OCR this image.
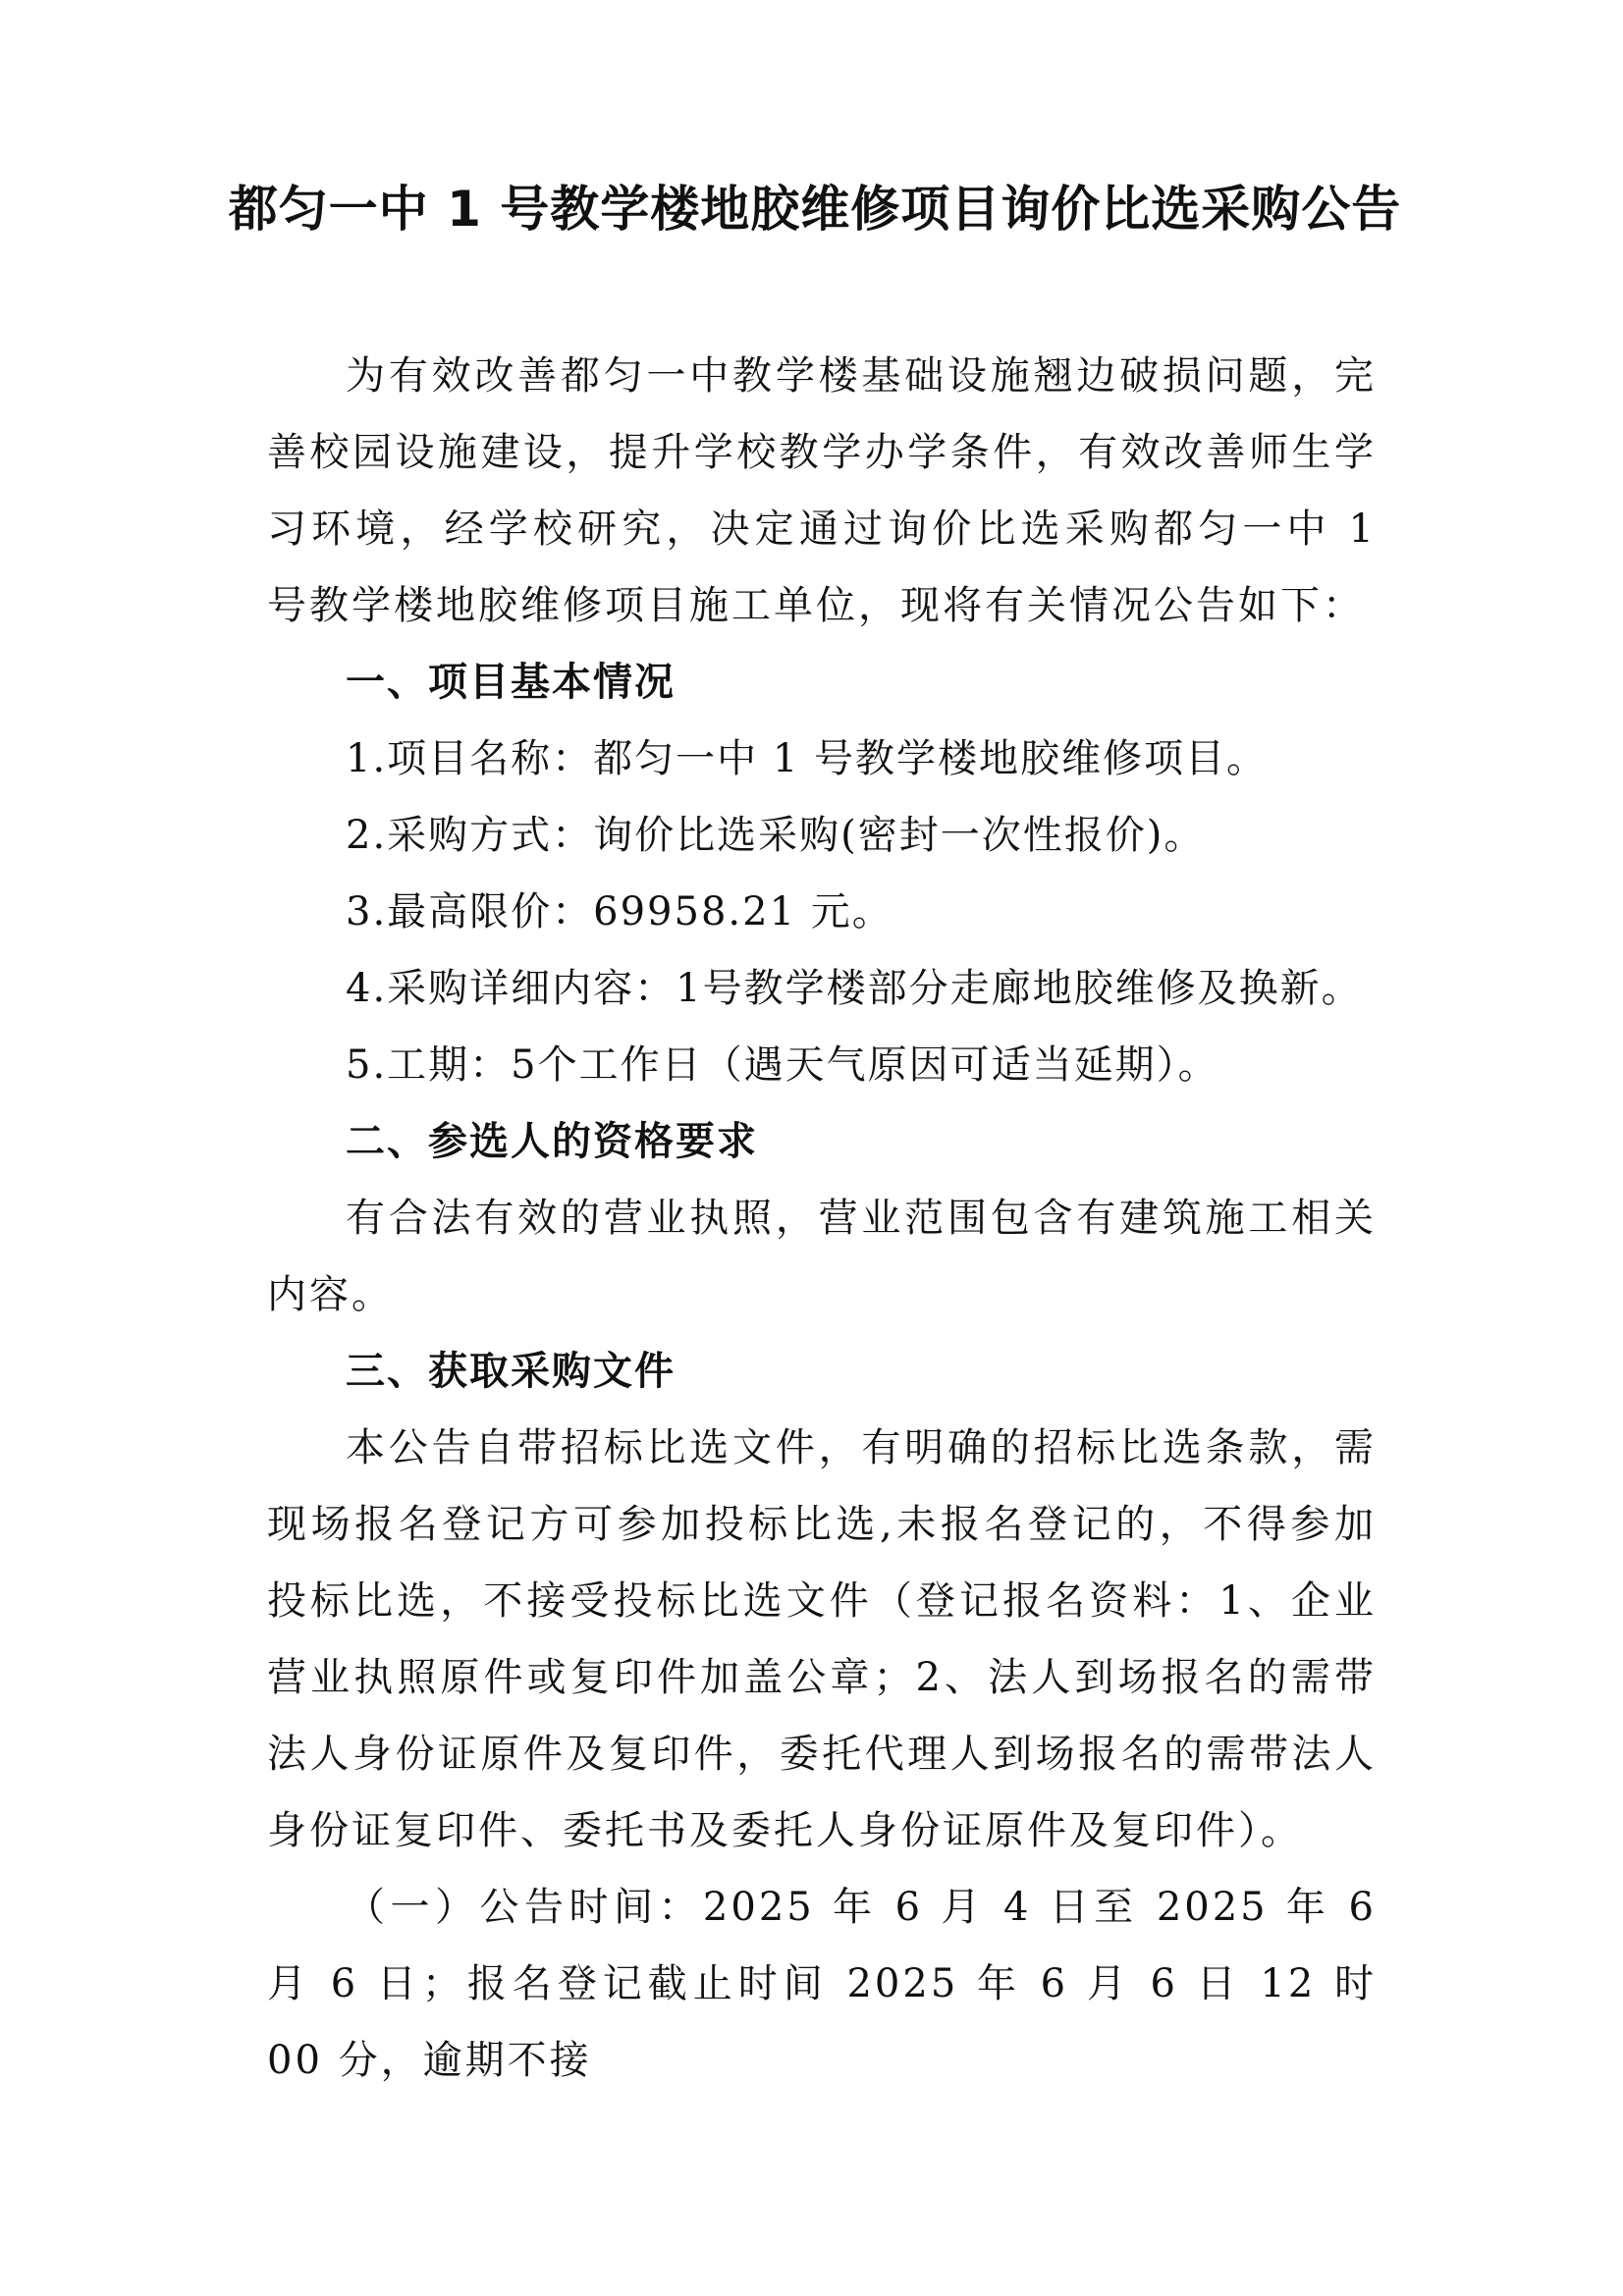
都匀一中 1 号教学楼地胶维修项目询价比选采购公告

为有效改善都匀一中教学楼基础设施翘边破损问题，完善校园设施建设，提升学校教学办学条件，有效改善师生学习环境，经学校研究，决定通过询价比选采购都匀一中 1 号教学楼地胶维修项目施工单位，现将有关情况公告如下：

一、项目基本情况

1.项目名称：都匀一中 1 号教学楼地胶维修项目。

2.采购方式：询价比选采购(密封一次性报价)。

3.最高限价：69958.21 元。

4.采购详细内容：1号教学楼部分走廊地胶维修及换新。

5.工期：5个工作日（遇天气原因可适当延期）。

二、参选人的资格要求

有合法有效的营业执照，营业范围包含有建筑施工相关内容。

三、获取采购文件

本公告自带招标比选文件，有明确的招标比选条款，需现场报名登记方可参加投标比选,未报名登记的，不得参加投标比选，不接受投标比选文件（登记报名资料：1、企业营业执照原件或复印件加盖公章；2、法人到场报名的需带法人身份证原件及复印件，委托代理人到场报名的需带法人身份证复印件、委托书及委托人身份证原件及复印件）。

（一）公告时间：2025 年 6 月 4 日至 2025 年 6 月 6 日；报名登记截止时间 2025 年 6 月 6 日 12 时 00 分，逾期不接
